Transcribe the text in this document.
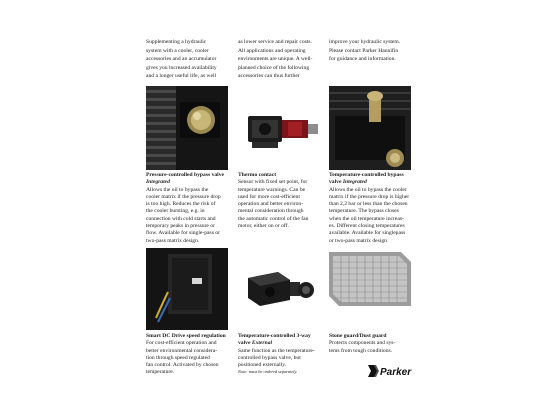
Supplementing a hydraulic
system with a cooler, cooler
accessories and an accumulator
gives you increased availability
and a longer useful life, as well

as lower service and repair costs.
All applications and operating
environments are unique. A well-
planned choice of the following
accessories can thus further

improve your hydraulic system.
Please contact Parker Hannifin
for guidance and information.

Pressure-controlled bypass valve Integrated
Allows the oil to bypass the
cooler matrix if the pressure drop
is too high. Reduces the risk of
the cooler bursting, e.g. in
connection with cold starts and
temporary peaks in pressure or
flow. Available for single-pass or
two-pass matrix design.
Thermo contact
Sensor with fixed set point, for
temperature warnings. Can be
used for more cost-efficient
operation and better environ-
mental consideration through
the automatic control of the fan
motor, either on or off.
Temperature-controlled bypass valve Integrated
Allows the oil to bypass the cooler
matrix if the pressure drop is higher
than 2,2 bar or less than the chosen
temperature. The bypass closes
when the oil temperature increas-
es. Different closing temperatures
available. Available for singlepass
or two-pass matrix design
Smart DC Drive speed regulation
For cost-efficient operation and
better environmental considera-
tion through speed regulated
fan control. Activated by chosen
temperature.
Temperature-controlled 3-way valve External
Same function as the temperature-
controlled bypass valve, but
positioned externally.
Note: must be ordered separately.
Stone guard/Dust guard
Protects components and sys-
tems from tough conditions.
Parker
